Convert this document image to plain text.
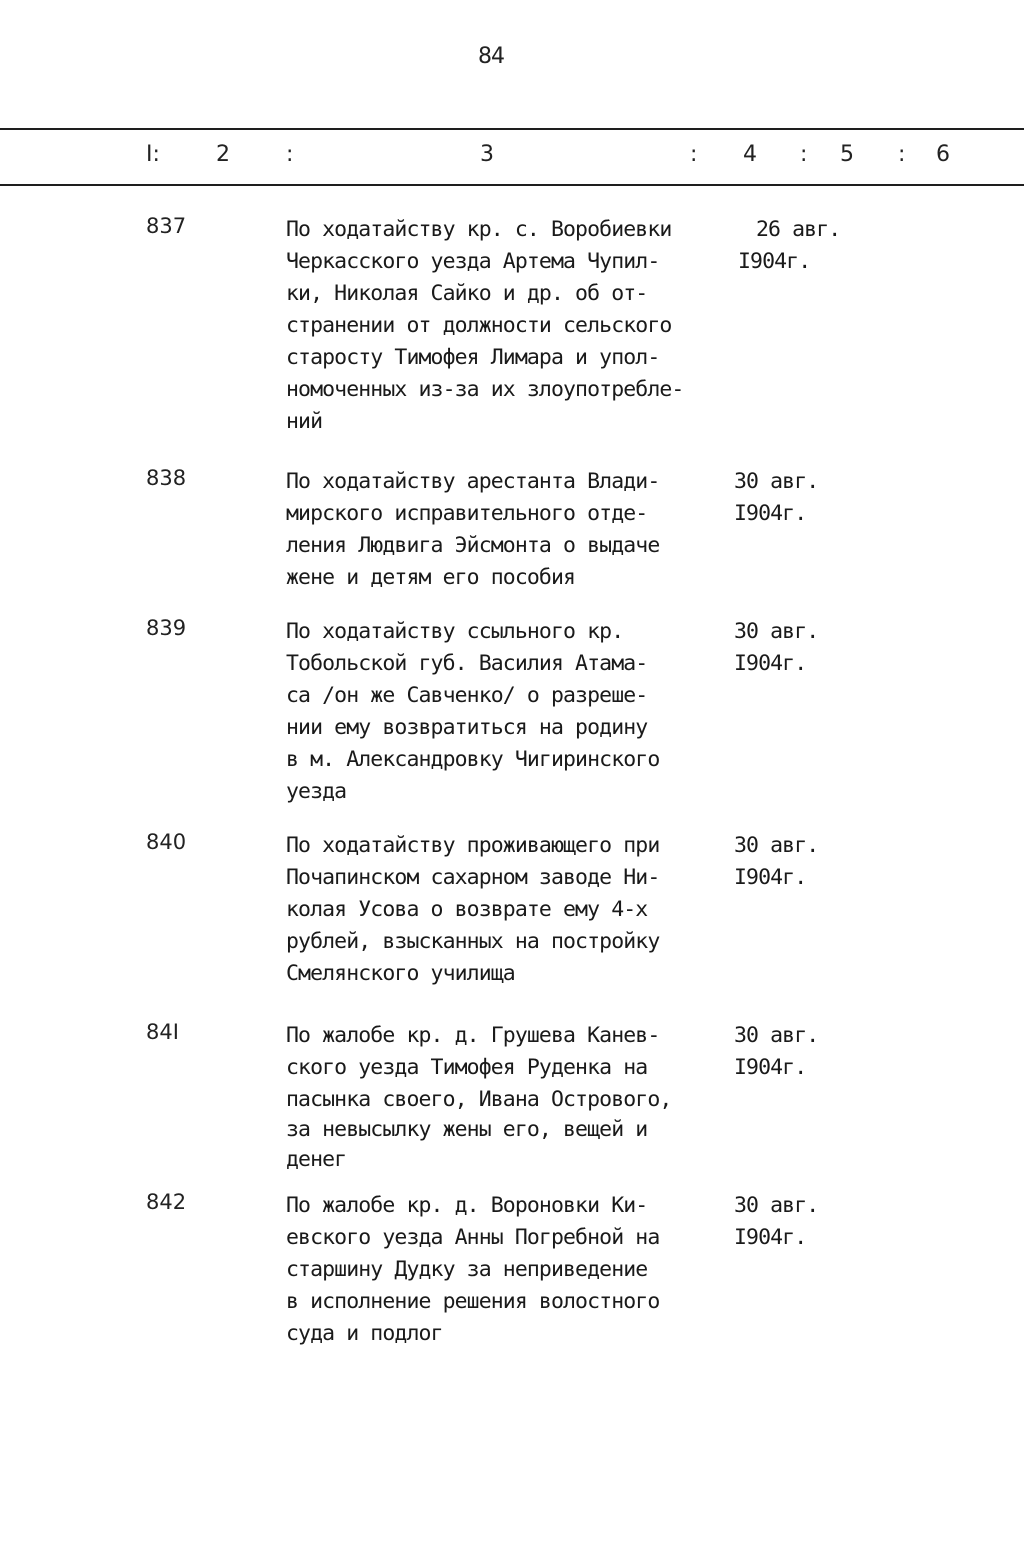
84
I:	2	:	3	: 4 : 5 : 6
837	По ходатайству кр. с. Воробиевки
Черкасского уезда Артема Чупил-
ки, Николая Сайко и др. об от-
странении от должности сельского
старосту Тимофея Лимара и упол-
номоченных из-за их злоупотребле-
ний
26 авг.
I904г.
838	По ходатайству арестанта Влади-
мирского исправительного отде-
ления Людвига Эйсмонта о выдаче
жене и детям его пособия
30 авг.
I904г.
839	По ходатайству ссыльного кр.
Тобольской губ. Василия Атама-
са /он же Савченко/ о разреше-
нии ему возвратиться на родину
в м. Александровку Чигиринского
уезда
30 авг.
I904г.
840	По ходатайству проживающего при
Почапинском сахарном заводе Ни-
колая Усова о возврате ему 4-х
рублей, взысканных на постройку
Смелянского училища
30 авг.
I904г.
84I	По жалобе кр. д. Грушева Канев-
ского уезда Тимофея Руденка на
пасынка своего, Ивана Острового,
за невысылку жены его, вещей и
денег
30 авг.
I904г.
842	По жалобе кр. д. Вороновки Ки-
евского уезда Анны Погребной на
старшину Дудку за неприведение
в исполнение решения волостного
суда и подлог
30 авг.
I904г.
